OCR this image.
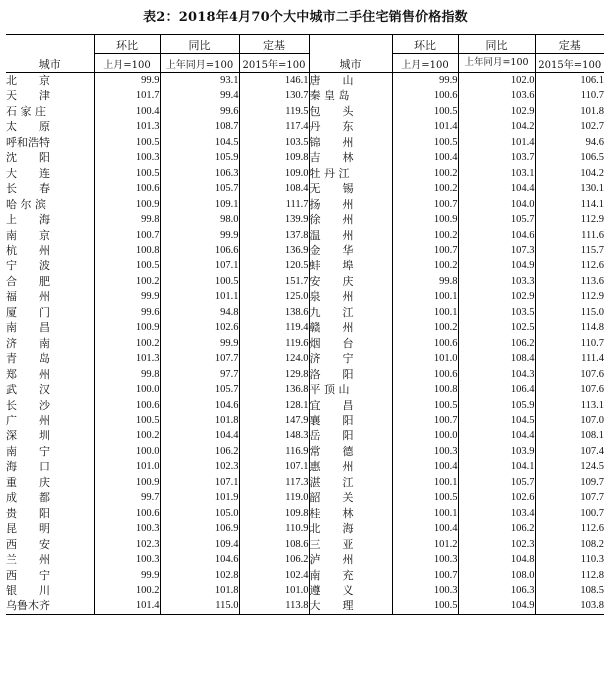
表2：2018年4月70个大中城市二手住宅销售价格指数
城市	环比	同比	定基	城市	环比	同比	定基
	上月=100	上年同月=100	2015年=100		上月=100	上年同月=100	2015年=100
北　　京	99.9	93.1	146.1	唐　　山	99.9	102.0	106.1
天　　津	101.7	99.4	130.7	秦 皇 岛	100.6	103.6	110.7
石 家 庄	100.4	99.6	119.5	包　　头	100.5	102.9	101.8
太　　原	101.3	108.7	117.4	丹　　东	101.4	104.2	102.7
呼和浩特	100.5	104.5	103.5	锦　　州	100.5	101.4	94.6
沈　　阳	100.3	105.9	109.8	吉　　林	100.4	103.7	106.5
大　　连	100.5	106.3	109.0	牡 丹 江	100.2	103.1	104.2
长　　春	100.6	105.7	108.4	无　　锡	100.2	104.4	130.1
哈 尔 滨	100.9	109.1	111.7	扬　　州	100.7	104.0	114.1
上　　海	99.8	98.0	139.9	徐　　州	100.9	105.7	112.9
南　　京	100.7	99.9	137.8	温　　州	100.2	104.6	111.6
杭　　州	100.8	106.6	136.9	金　　华	100.7	107.3	115.7
宁　　波	100.5	107.1	120.5	蚌　　埠	100.2	104.9	112.6
合　　肥	100.2	100.5	151.7	安　　庆	99.8	103.3	113.6
福　　州	99.9	101.1	125.0	泉　　州	100.1	102.9	112.9
厦　　门	99.6	94.8	138.6	九　　江	100.1	103.5	115.0
南　　昌	100.9	102.6	119.4	赣　　州	100.2	102.5	114.8
济　　南	100.2	99.9	119.6	烟　　台	100.6	106.2	110.7
青　　岛	101.3	107.7	124.0	济　　宁	101.0	108.4	111.4
郑　　州	99.8	97.7	129.8	洛　　阳	100.6	104.3	107.6
武　　汉	100.0	105.7	136.8	平 顶 山	100.8	106.4	107.6
长　　沙	100.6	104.6	128.1	宜　　昌	100.5	105.9	113.1
广　　州	100.5	101.8	147.9	襄　　阳	100.7	104.5	107.0
深　　圳	100.2	104.4	148.3	岳　　阳	100.0	104.4	108.1
南　　宁	100.0	106.2	116.9	常　　德	100.3	103.9	107.4
海　　口	101.0	102.3	107.1	惠　　州	100.4	104.1	124.5
重　　庆	100.9	107.1	117.3	湛　　江	100.1	105.7	109.7
成　　都	99.7	101.9	119.0	韶　　关	100.5	102.6	107.7
贵　　阳	100.6	105.0	109.8	桂　　林	100.1	103.4	100.7
昆　　明	100.3	106.9	110.9	北　　海	100.4	106.2	112.6
西　　安	102.3	109.4	108.6	三　　亚	101.2	102.3	108.2
兰　　州	100.3	104.6	106.2	泸　　州	100.3	104.8	110.3
西　　宁	99.9	102.8	102.4	南　　充	100.7	108.0	112.8
银　　川	100.2	101.8	101.0	遵　　义	100.3	106.3	108.5
乌鲁木齐	101.4	115.0	113.8	大　　理	100.5	104.9	103.8
